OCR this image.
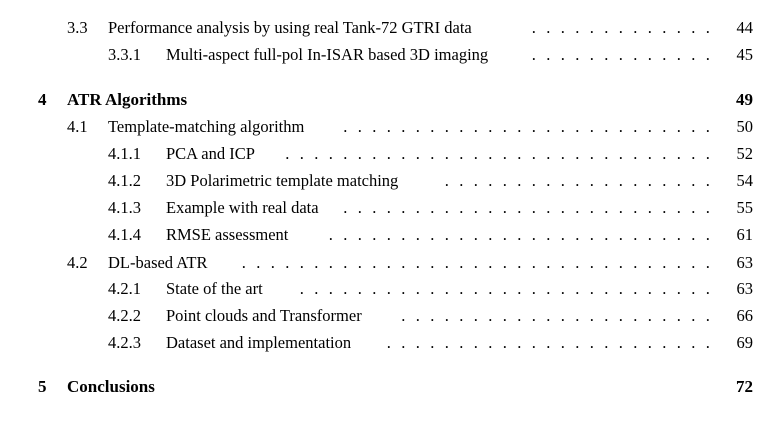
3.3 Performance analysis by using real Tank-72 GTRI data	. . . . . . . . . . . . .	44
3.3.1 Multi-aspect full-pol In-ISAR based 3D imaging	. . . . . . . . . . . . .	45
4 ATR Algorithms	49
4.1 Template-matching algorithm	. . . . . . . . . . . . . . . . . . . . . . . . . .	50
4.1.1 PCA and ICP	. . . . . . . . . . . . . . . . . . . . . . . . . . . . . .	52
4.1.2 3D Polarimetric template matching	. . . . . . . . . . . . . . . . . . .	54
4.1.3 Example with real data	. . . . . . . . . . . . . . . . . . . . . . . . . .	55
4.1.4 RMSE assessment	. . . . . . . . . . . . . . . . . . . . . . . . . . .	61
4.2 DL-based ATR	. . . . . . . . . . . . . . . . . . . . . . . . . . . . . . . . .	63
4.2.1 State of the art	. . . . . . . . . . . . . . . . . . . . . . . . . . . . .	63
4.2.2 Point clouds and Transformer	. . . . . . . . . . . . . . . . . . . . . .	66
4.2.3 Dataset and implementation	. . . . . . . . . . . . . . . . . . . . . . .	69
5 Conclusions	72
